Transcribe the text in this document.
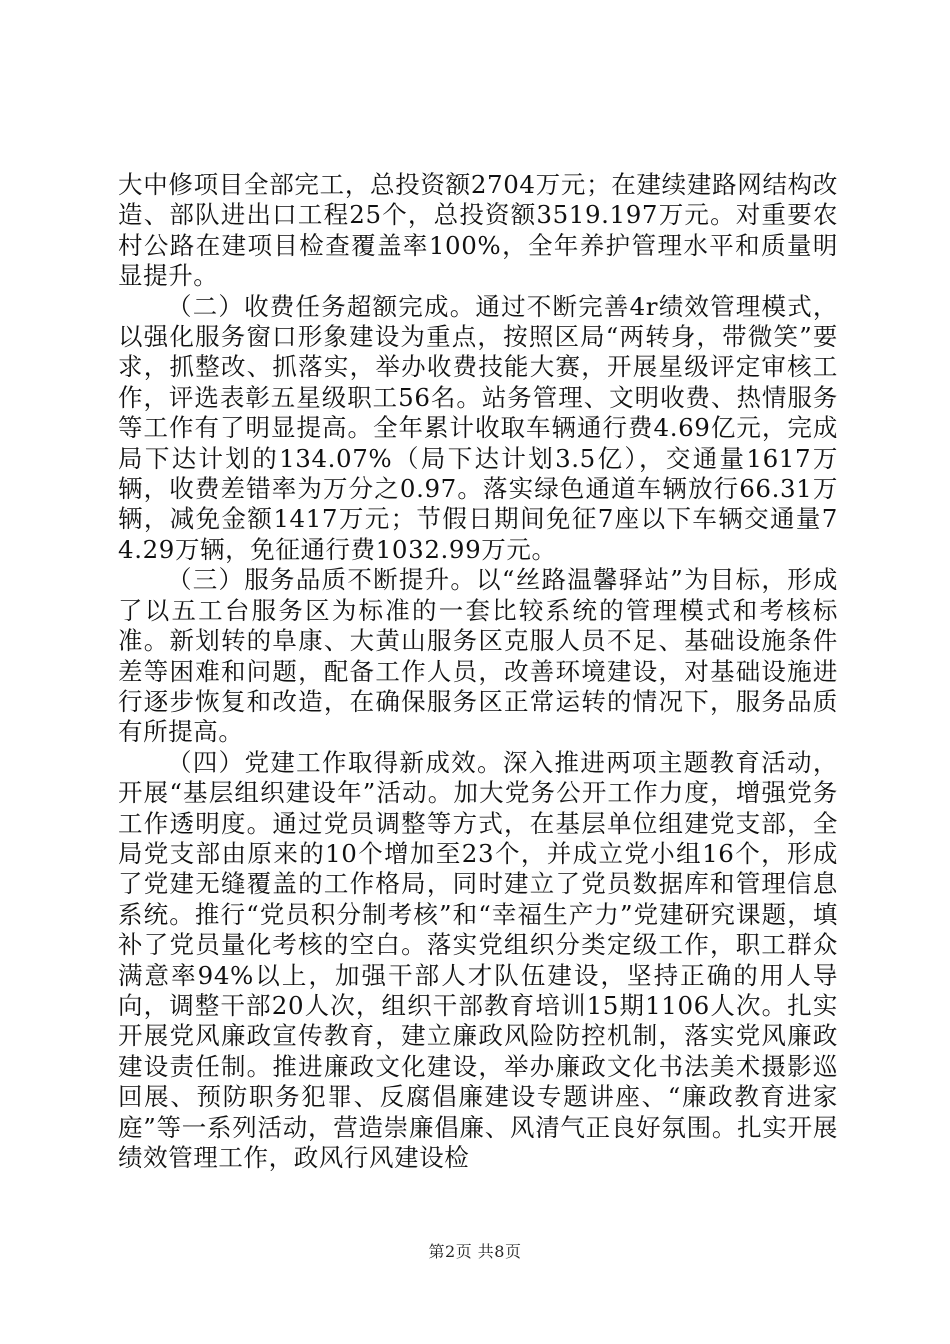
大中修项目全部完工，总投资额2704万元；在建续建路网结构改造、部队进出口工程25个，总投资额3519.197万元。对重要农村公路在建项目检查覆盖率100%，全年养护管理水平和质量明显提升。

（二）收费任务超额完成。通过不断完善4r绩效管理模式，以强化服务窗口形象建设为重点，按照区局“两转身，带微笑”要求，抓整改、抓落实，举办收费技能大赛，开展星级评定审核工作，评选表彰五星级职工56名。站务管理、文明收费、热情服务等工作有了明显提高。全年累计收取车辆通行费4.69亿元，完成局下达计划的134.07%（局下达计划3.5亿），交通量1617万辆，收费差错率为万分之0.97。落实绿色通道车辆放行66.31万辆，减免金额1417万元；节假日期间免征7座以下车辆交通量74.29万辆，免征通行费1032.99万元。

（三）服务品质不断提升。以“丝路温馨驿站”为目标，形成了以五工台服务区为标准的一套比较系统的管理模式和考核标准。新划转的阜康、大黄山服务区克服人员不足、基础设施条件差等困难和问题，配备工作人员，改善环境建设，对基础设施进行逐步恢复和改造，在确保服务区正常运转的情况下，服务品质有所提高。

（四）党建工作取得新成效。深入推进两项主题教育活动，开展“基层组织建设年”活动。加大党务公开工作力度，增强党务工作透明度。通过党员调整等方式，在基层单位组建党支部，全局党支部由原来的10个增加至23个，并成立党小组16个，形成了党建无缝覆盖的工作格局，同时建立了党员数据库和管理信息系统。推行“党员积分制考核”和“幸福生产力”党建研究课题，填补了党员量化考核的空白。落实党组织分类定级工作，职工群众满意率94%以上，加强干部人才队伍建设，坚持正确的用人导向，调整干部20人次，组织干部教育培训15期1106人次。扎实开展党风廉政宣传教育，建立廉政风险防控机制，落实党风廉政建设责任制。推进廉政文化建设，举办廉政文化书法美术摄影巡回展、预防职务犯罪、反腐倡廉建设专题讲座、“廉政教育进家庭”等一系列活动，营造崇廉倡廉、风清气正良好氛围。扎实开展绩效管理工作，政风行风建设检

第2页 共8页
